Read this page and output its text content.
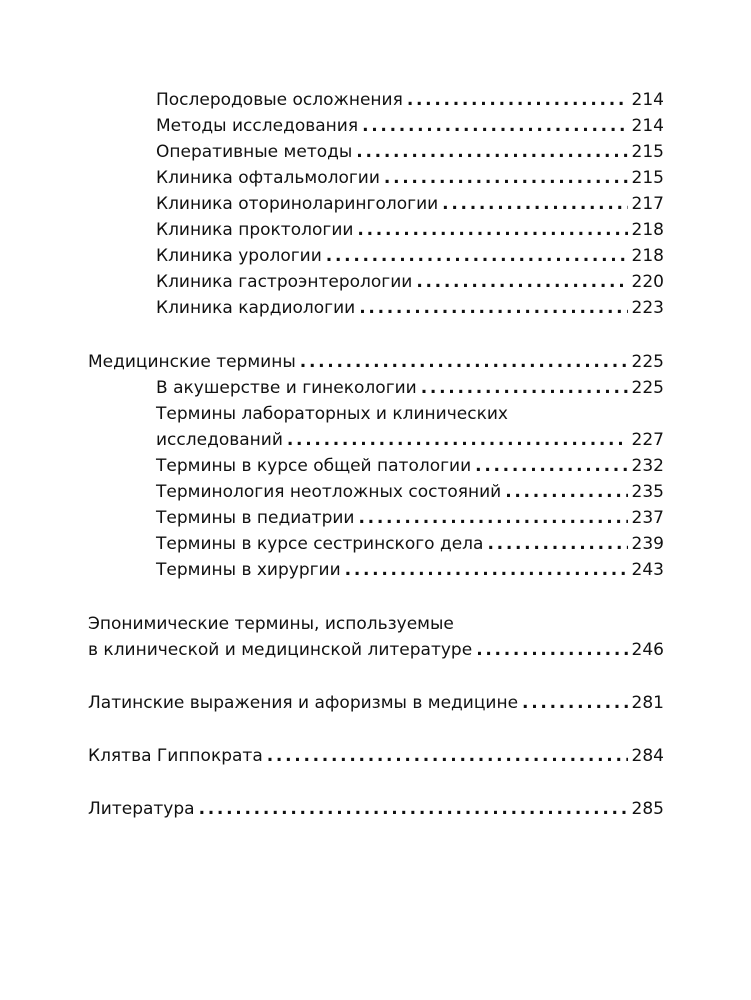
Послеродовые осложнения . . .	214
Методы исследования . . .	214
Оперативные методы . . .	215
Клиника офтальмологии . . .	215
Клиника оториноларингологии . . .	217
Клиника проктологии . . .	218
Клиника урологии . . .	218
Клиника гастроэнтерологии . . .	220
Клиника кардиологии . . .	223
Медицинские термины . . .	225
В акушерстве и гинекологии . . .	225
Термины лабораторных и клинических
исследований . . .	227
Термины в курсе общей патологии . . .	232
Терминология неотложных состояний . . .	235
Термины в педиатрии . . .	237
Термины в курсе сестринского дела . . .	239
Термины в хирургии . . .	243
Эпонимические термины, используемые
в клинической и медицинской литературе . . .	246
Латинские выражения и афоризмы в медицине . . .	281
Клятва Гиппократа . . .	284
Литература . . .	285
